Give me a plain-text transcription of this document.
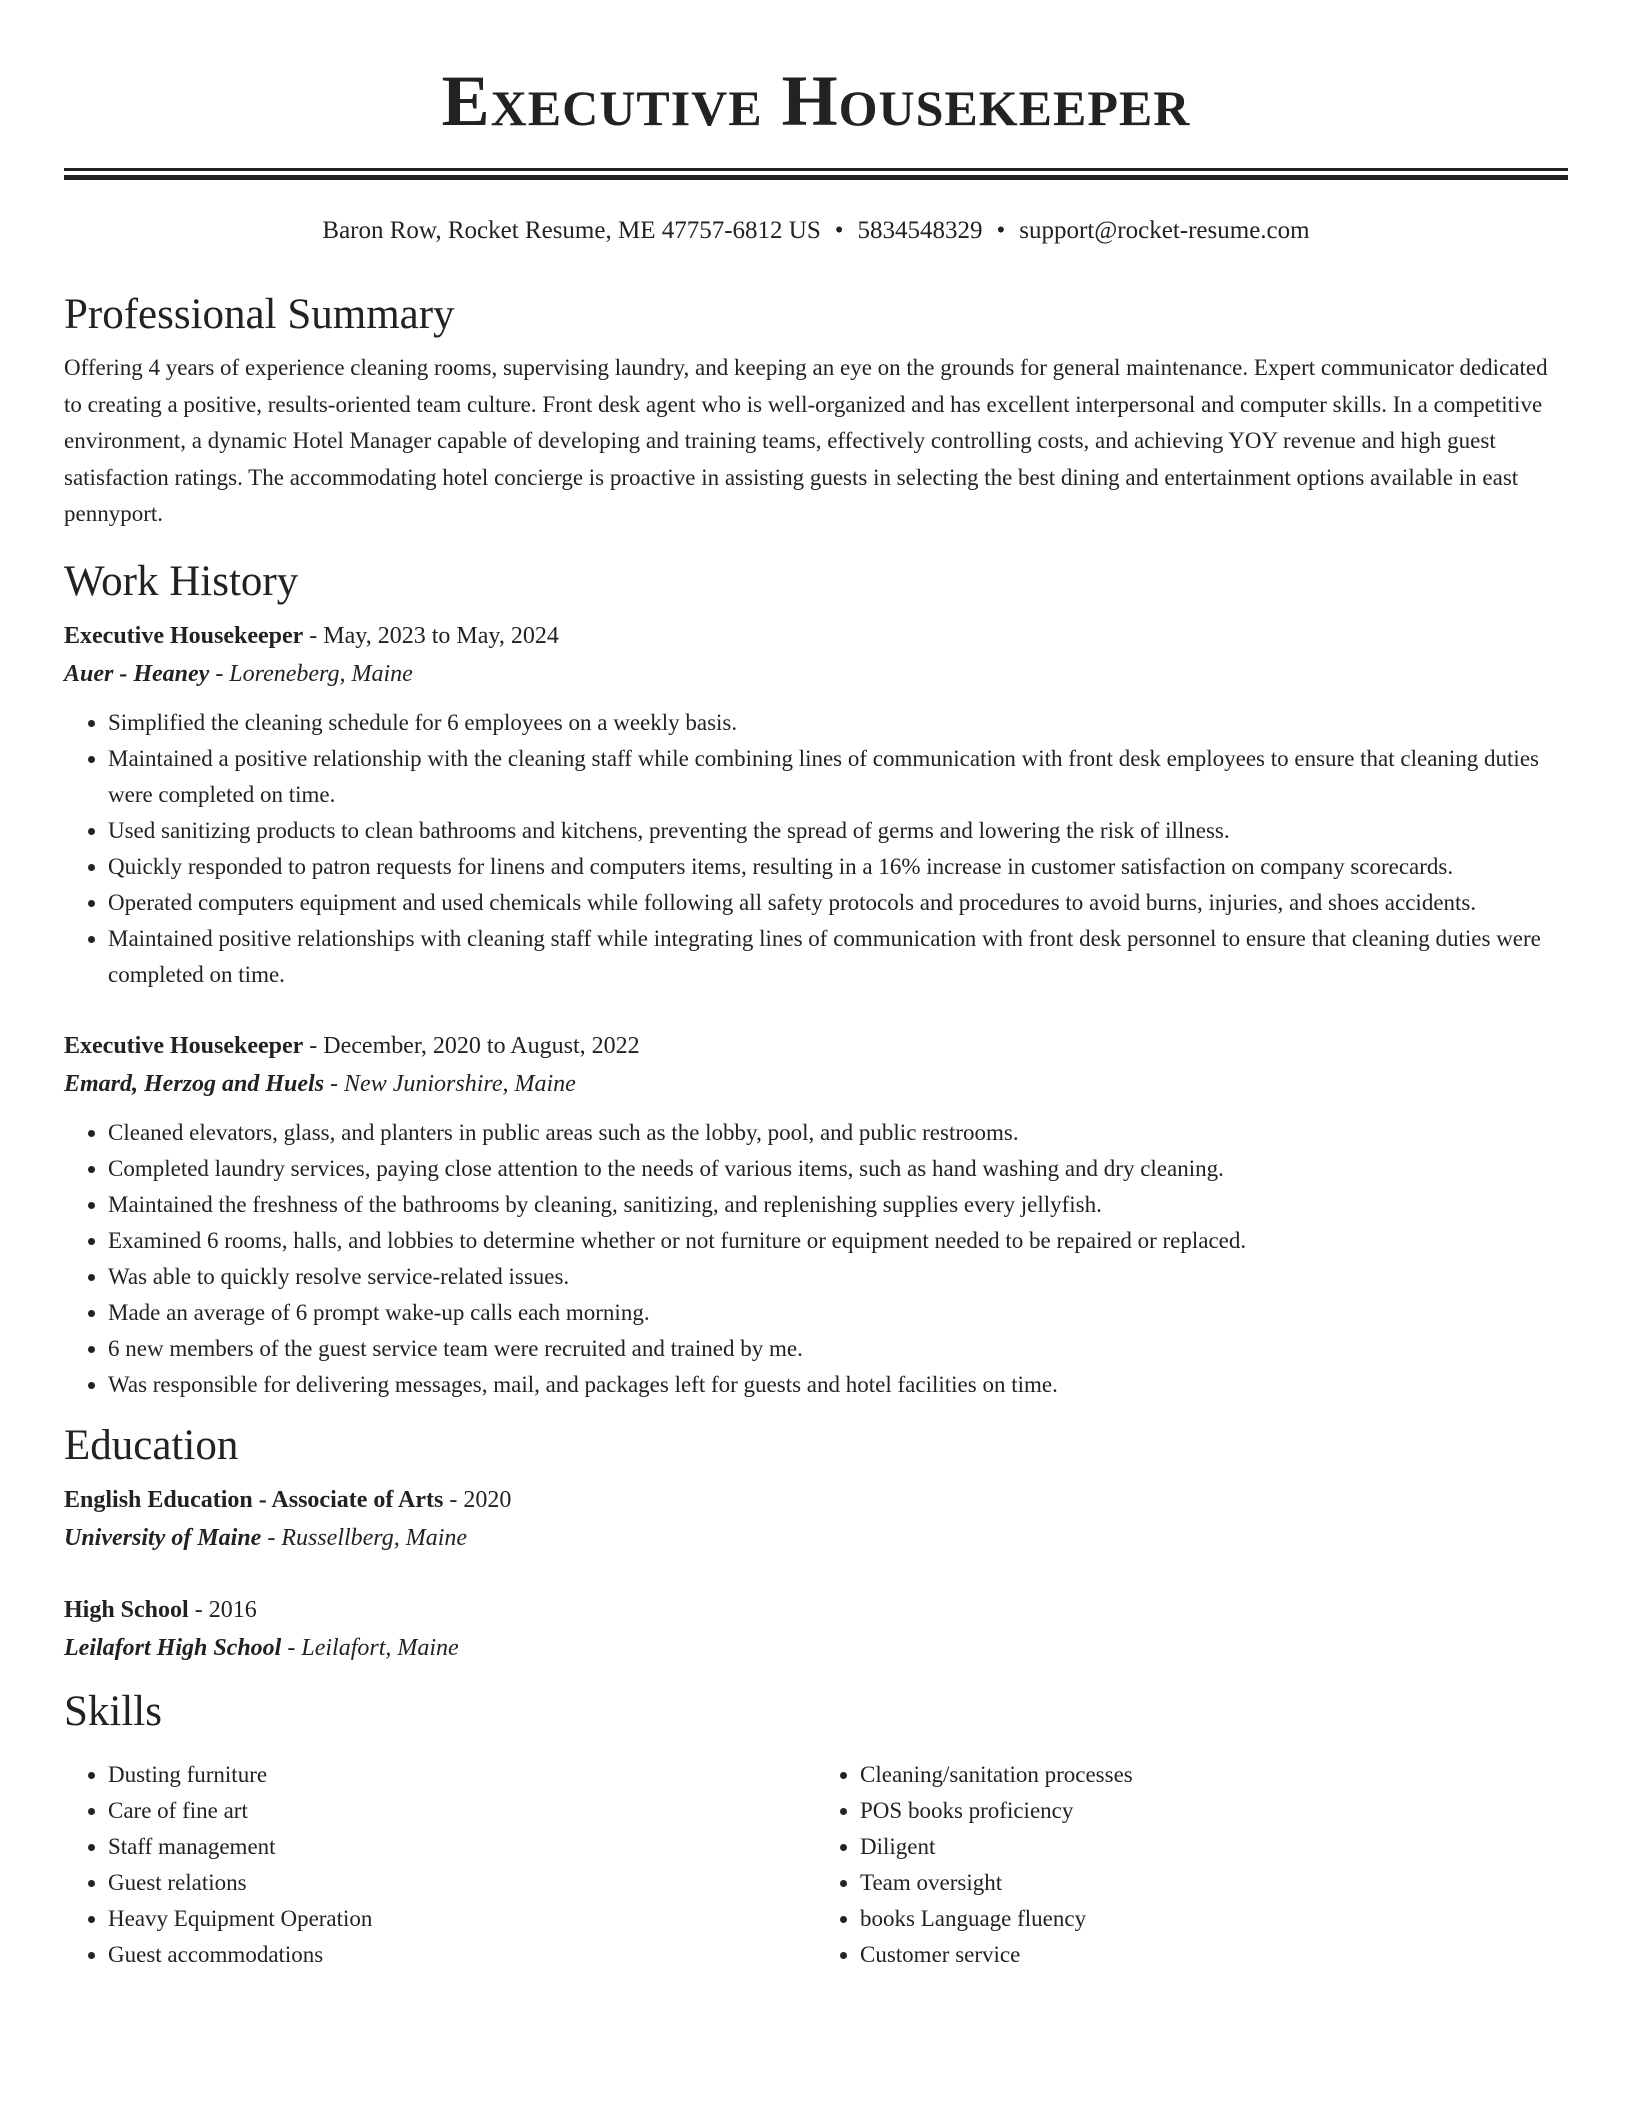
Executive Housekeeper
Baron Row, Rocket Resume, ME 47757-6812 US • 5834548329 • support@rocket-resume.com
Professional Summary

Offering 4 years of experience cleaning rooms, supervising laundry, and keeping an eye on the grounds for general maintenance. Expert communicator dedicated to creating a positive, results-oriented team culture. Front desk agent who is well-organized and has excellent interpersonal and computer skills. In a competitive environment, a dynamic Hotel Manager capable of developing and training teams, effectively controlling costs, and achieving YOY revenue and high guest satisfaction ratings. The accommodating hotel concierge is proactive in assisting guests in selecting the best dining and entertainment options available in east pennyport.

Work History
Executive Housekeeper - May, 2023 to May, 2024
Auer - Heaney - Loreneberg, Maine
• Simplified the cleaning schedule for 6 employees on a weekly basis.
• Maintained a positive relationship with the cleaning staff while combining lines of communication with front desk employees to ensure that cleaning duties were completed on time.
• Used sanitizing products to clean bathrooms and kitchens, preventing the spread of germs and lowering the risk of illness.
• Quickly responded to patron requests for linens and computers items, resulting in a 16% increase in customer satisfaction on company scorecards.
• Operated computers equipment and used chemicals while following all safety protocols and procedures to avoid burns, injuries, and shoes accidents.
• Maintained positive relationships with cleaning staff while integrating lines of communication with front desk personnel to ensure that cleaning duties were completed on time.
Executive Housekeeper - December, 2020 to August, 2022
Emard, Herzog and Huels - New Juniorshire, Maine
• Cleaned elevators, glass, and planters in public areas such as the lobby, pool, and public restrooms.
• Completed laundry services, paying close attention to the needs of various items, such as hand washing and dry cleaning.
• Maintained the freshness of the bathrooms by cleaning, sanitizing, and replenishing supplies every jellyfish.
• Examined 6 rooms, halls, and lobbies to determine whether or not furniture or equipment needed to be repaired or replaced.
• Was able to quickly resolve service-related issues.
• Made an average of 6 prompt wake-up calls each morning.
• 6 new members of the guest service team were recruited and trained by me.
• Was responsible for delivering messages, mail, and packages left for guests and hotel facilities on time.
Education
English Education - Associate of Arts - 2020
University of Maine - Russellberg, Maine
High School - 2016
Leilafort High School - Leilafort, Maine
Skills
• Dusting furniture
• Care of fine art
• Staff management
• Guest relations
• Heavy Equipment Operation
• Guest accommodations
• Cleaning/sanitation processes
• POS books proficiency
• Diligent
• Team oversight
• books Language fluency
• Customer service
